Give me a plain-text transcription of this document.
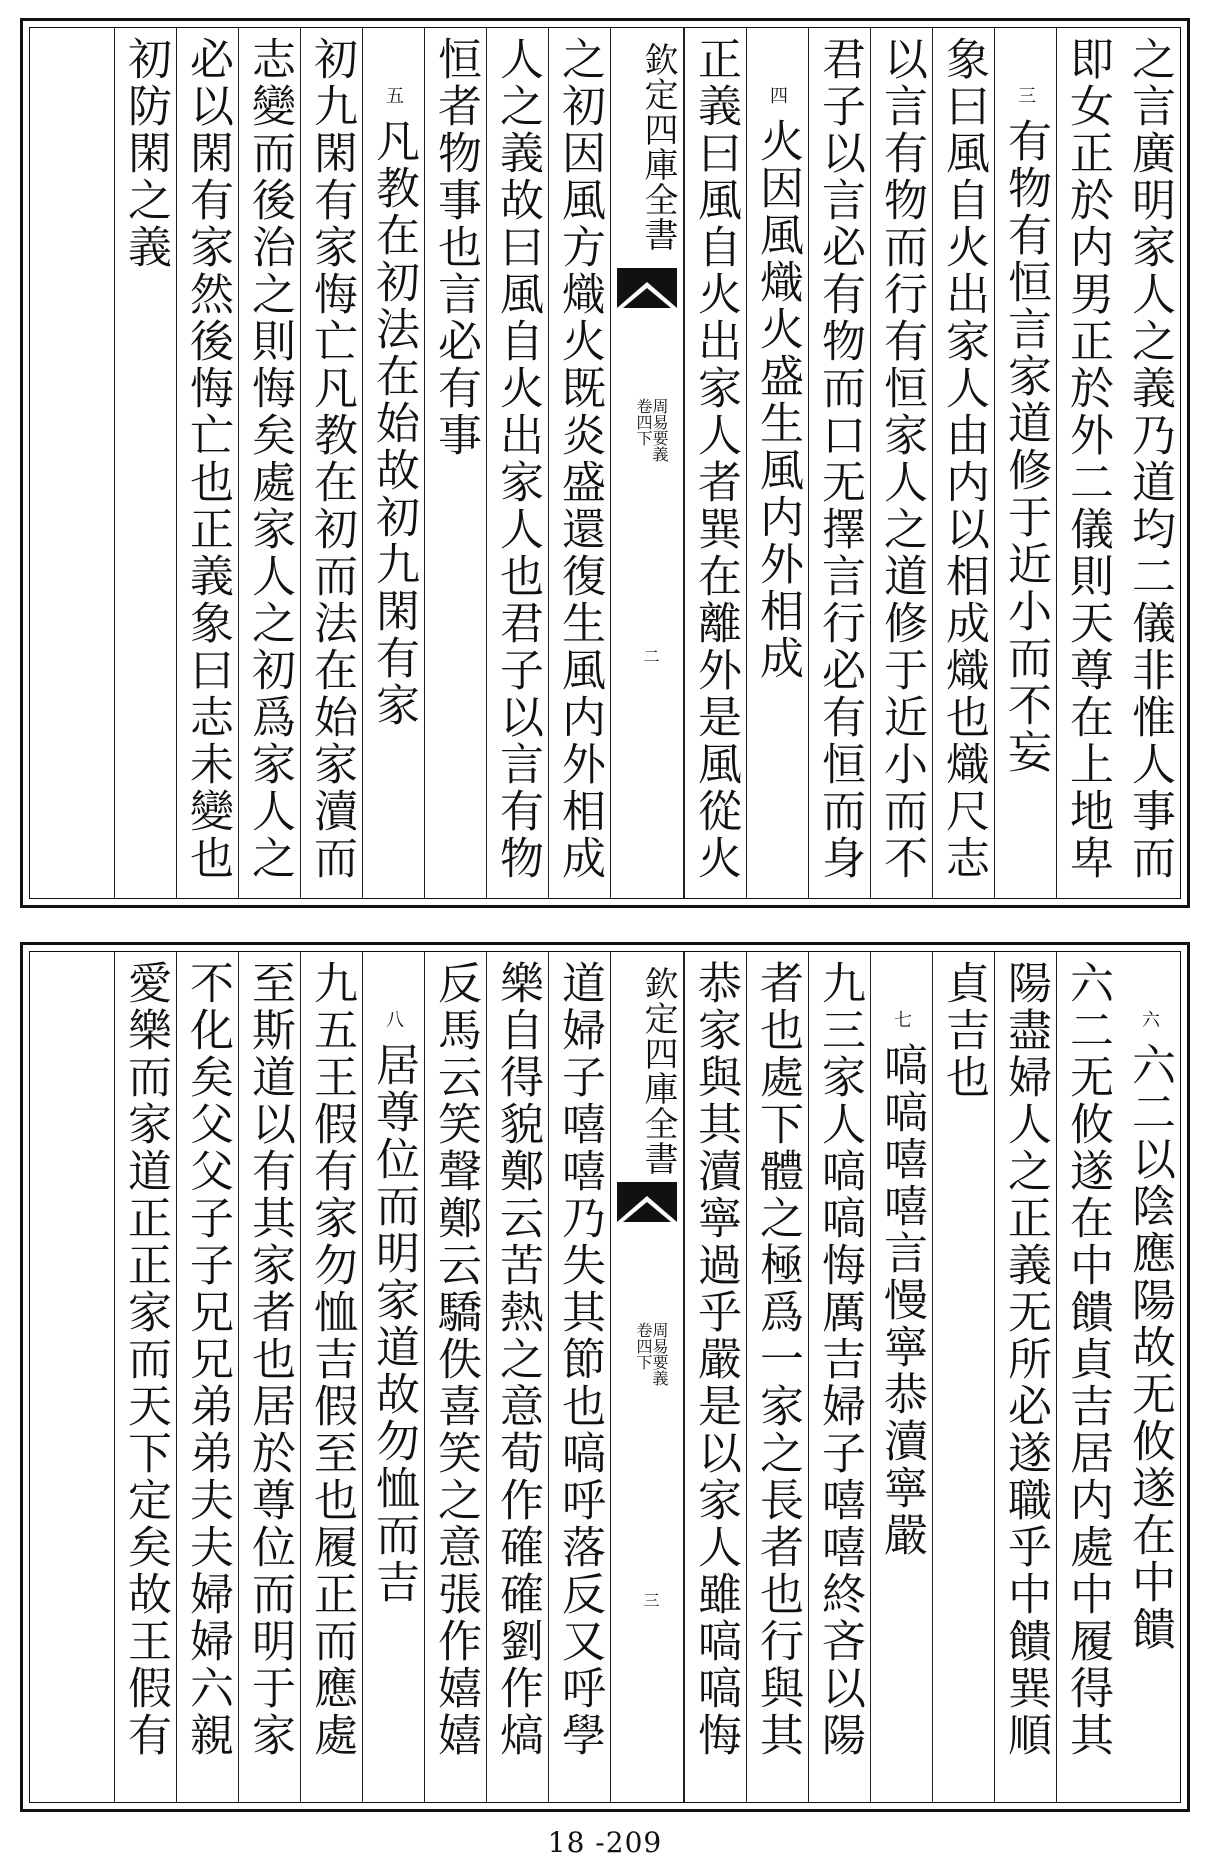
之言廣明家人之義乃道均二儀非惟人事而
即女正於内男正於外二儀則天尊在上地卑
三有物有恒言家道修于近小而不妄
象曰風自火出家人由内以相成熾也熾尺志
以言有物而行有恒家人之道修于近小而不
君子以言必有物而口无擇言行必有恒而身
四火因風熾火盛生風内外相成
正義曰風自火出家人者巽在離外是風從火
欽定四庫全書
周易要義
卷四下
二
之初因風方熾火既炎盛還復生風内外相成
人之義故曰風自火出家人也君子以言有物
恒者物事也言必有事
五凡教在初法在始故初九閑有家
初九閑有家悔亡凡教在初而法在始家瀆而
志變而後治之則悔矣處家人之初爲家人之
必以閑有家然後悔亡也正義象曰志未變也
初防閑之義
六六二以陰應陽故无攸遂在中饋
六二无攸遂在中饋貞吉居内處中履得其
陽盡婦人之正義无所必遂職乎中饋巽順
貞吉也
七嗃嗃嘻嘻言慢寧恭瀆寧嚴
九三家人嗃嗃悔厲吉婦子嘻嘻終吝以陽
者也處下體之極爲一家之長者也行與其
恭家與其瀆寧過乎嚴是以家人雖嗃嗃悔
欽定四庫全書
周易要義
卷四下
三
道婦子嘻嘻乃失其節也嗃呼落反又呼學
樂自得貌鄭云苦熱之意荀作確確劉作熇
反馬云笑聲鄭云驕佚喜笑之意張作嬉嬉
八居尊位而明家道故勿恤而吉
九五王假有家勿恤吉假至也履正而應處
至斯道以有其家者也居於尊位而明于家
不化矣父父子子兄兄弟弟夫夫婦婦六親
愛樂而家道正正家而天下定矣故王假有
18 -209
